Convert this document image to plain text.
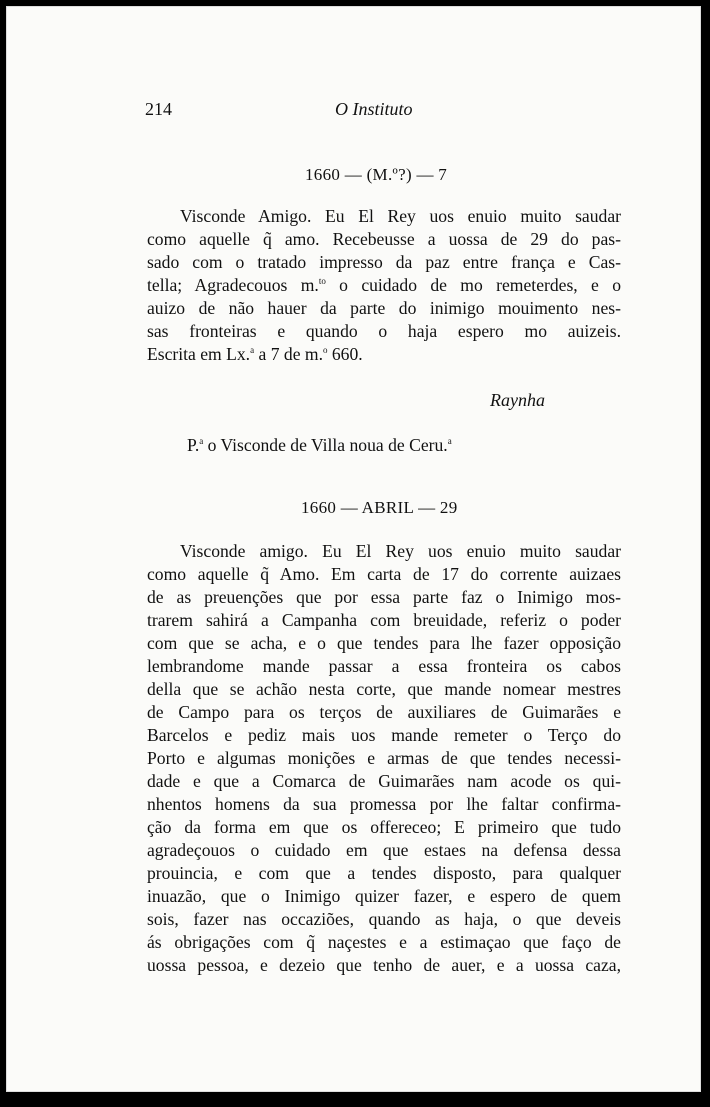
214	O Instituto
1660 — (M.º?) — 7
Visconde Amigo. Eu El Rey uos enuio muito saudar
como aquelle q̃ amo. Recebeusse a uossa de 29 do pas-
sado com o tratado impresso da paz entre frança e Cas-
tella; Agradecouos m.$^{to}$ o cuidado de mo remeterdes, e o
auizo de não hauer da parte do inimigo mouimento nes-
sas fronteiras e quando o haja espero mo auizeis.
Escrita em Lx.$^a$ a 7 de m.$^o$ 660.
Raynha
P.$^a$ o Visconde de Villa noua de Ceru.$^a$
1660 — ABRIL — 29
Visconde amigo. Eu El Rey uos enuio muito saudar
como aquelle q̃ Amo. Em carta de 17 do corrente auizaes
de as preuenções que por essa parte faz o Inimigo mos-
trarem sahirá a Campanha com breuidade, referiz o poder
com que se acha, e o que tendes para lhe fazer opposição
lembrandome mande passar a essa fronteira os cabos
della que se achão nesta corte, que mande nomear mestres
de Campo para os terços de auxiliares de Guimarães e
Barcelos e pediz mais uos mande remeter o Terço do
Porto e algumas monições e armas de que tendes necessi-
dade e que a Comarca de Guimarães nam acode os qui-
nhentos homens da sua promessa por lhe faltar confirma-
ção da forma em que os offereceo; E primeiro que tudo
agradeçouos o cuidado em que estaes na defensa dessa
prouincia, e com que a tendes disposto, para qualquer
inuazão, que o Inimigo quizer fazer, e espero de quem
sois, fazer nas occaziões, quando as haja, o que deveis
ás obrigações com q̃ naçestes e a estimaçao que faço de
uossa pessoa, e dezeio que tenho de auer, e a uossa caza,
